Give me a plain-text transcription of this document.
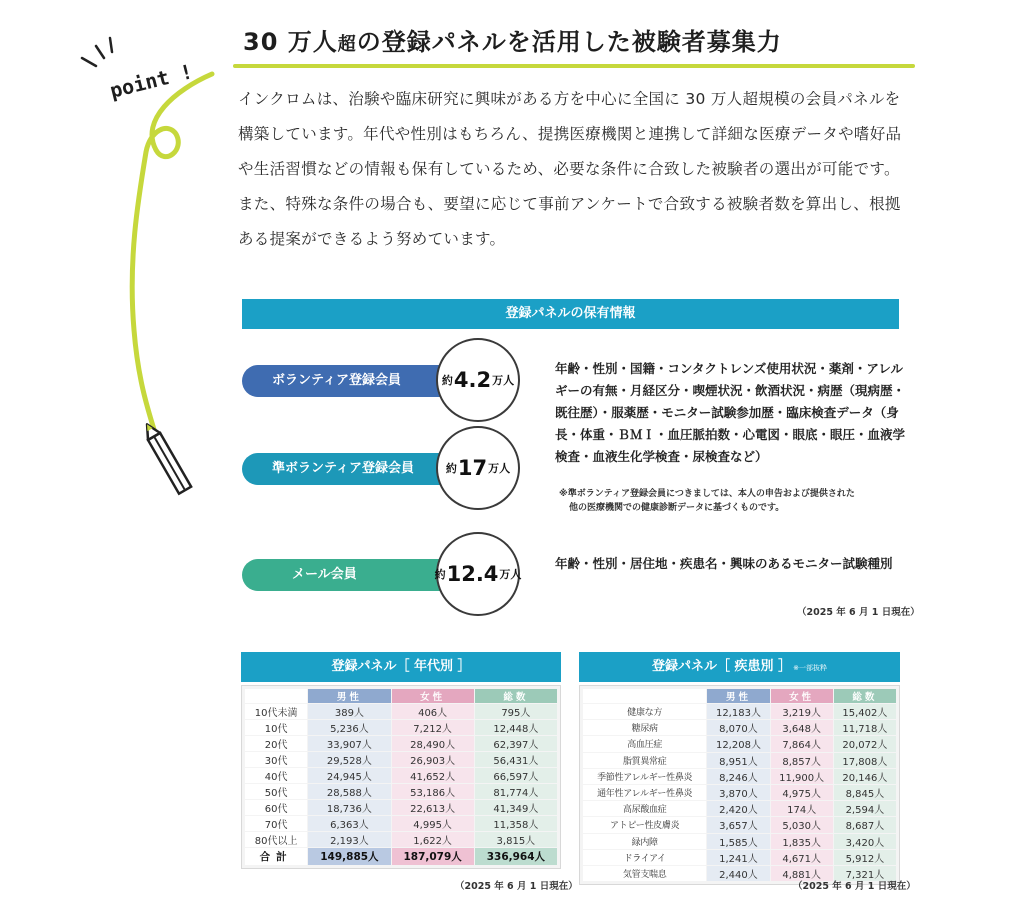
point !
30 万人超の登録パネルを活用した被験者募集力

インクロムは、治験や臨床研究に興味がある方を中心に全国に 30 万人超規模の会員パネルを構築しています。年代や性別はもちろん、提携医療機関と連携して詳細な医療データや嗜好品や生活習慣などの情報も保有しているため、必要な条件に合致した被験者の選出が可能です。また、特殊な条件の場合も、要望に応じて事前アンケートで合致する被験者数を算出し、根拠ある提案ができるよう努めています。

登録パネルの保有情報
ボランティア登録会員
準ボランティア登録会員
メール会員
約 4.2 万人
約 17 万人
約 12.4 万人

年齢・性別・国籍・コンタクトレンズ使用状況・薬剤・アレルギーの有無・月経区分・喫煙状況・飲酒状況・病歴（現病歴・既往歴）・服薬歴・モニター試験参加歴・臨床検査データ（身長・体重・ＢＭＩ・血圧脈拍数・心電図・眼底・眼圧・血液学検査・血液生化学検査・尿検査など）

※準ボランティア登録会員につきましては、本人の申告および提供された
他の医療機関での健康診断データに基づくものです。

年齢・性別・居住地・疾患名・興味のあるモニター試験種別

（2025 年 6 月 1 日現在）
登録パネル［ 年代別 ］
	男性	女性	総数
10代未満	389人	406人	795人
10代	5,236人	7,212人	12,448人
20代	33,907人	28,490人	62,397人
30代	29,528人	26,903人	56,431人
40代	24,945人	41,652人	66,597人
50代	28,588人	53,186人	81,774人
60代	18,736人	22,613人	41,349人
70代	6,363人	4,995人	11,358人
80代以上	2,193人	1,622人	3,815人
合計	149,885人	187,079人	336,964人
（2025 年 6 月 1 日現在）
登録パネル［ 疾患別 ］ ※一部抜粋
	男性	女性	総数
健康な方	12,183人	3,219人	15,402人
糖尿病	8,070人	3,648人	11,718人
高血圧症	12,208人	7,864人	20,072人
脂質異常症	8,951人	8,857人	17,808人
季節性アレルギー性鼻炎	8,246人	11,900人	20,146人
通年性アレルギー性鼻炎	3,870人	4,975人	8,845人
高尿酸血症	2,420人	174人	2,594人
アトピー性皮膚炎	3,657人	5,030人	8,687人
緑内障	1,585人	1,835人	3,420人
ドライアイ	1,241人	4,671人	5,912人
気管支喘息	2,440人	4,881人	7,321人
（2025 年 6 月 1 日現在）
